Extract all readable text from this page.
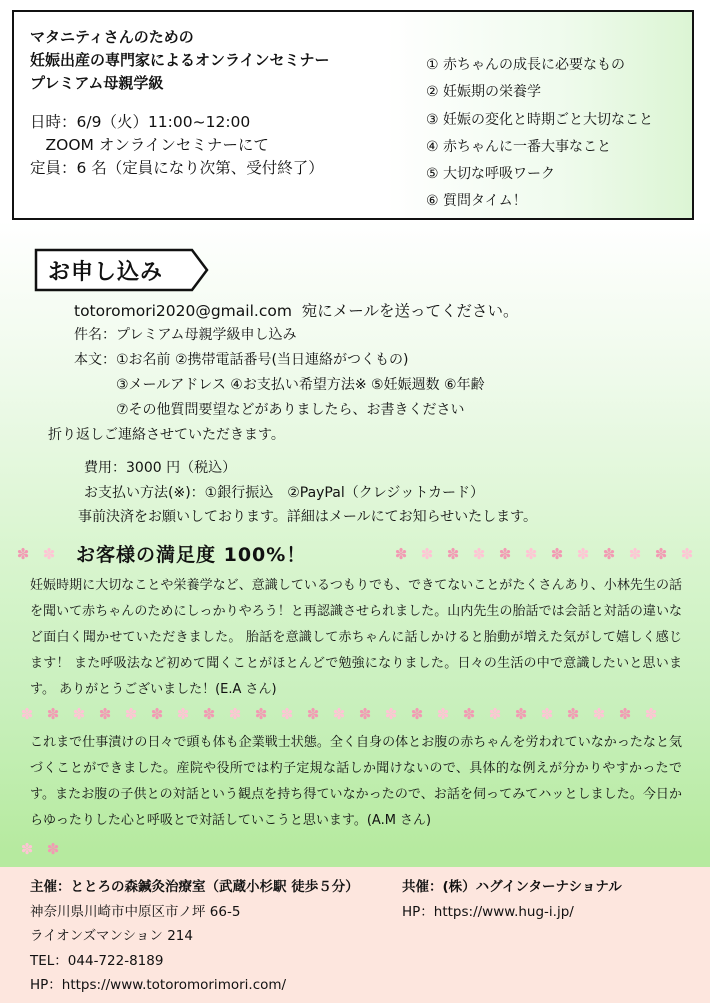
マタニティさんのための
妊娠出産の専門家によるオンラインセミナー
プレミアム母親学級
日時：6/9（火）11:00~12:00
　ZOOM オンラインセミナーにて
定員：6 名（定員になり次第、受付終了）
① 赤ちゃんの成長に必要なもの
② 妊娠期の栄養学
③ 妊娠の変化と時期ごと大切なこと
④ 赤ちゃんに一番大事なこと
⑤ 大切な呼吸ワーク
⑥ 質問タイム！
お申し込み
totoromori2020@gmail.com  宛にメールを送ってください。
件名：プレミアム母親学級申し込み
本文：①お名前 ②携帯電話番号(当日連絡がつくもの)
③メールアドレス ④お支払い希望方法※ ⑤妊娠週数 ⑥年齢
⑦その他質問要望などがありましたら、お書きください
折り返しご連絡させていただきます。
費用：3000 円（税込）
お支払い方法(※)：①銀行振込　②PayPal（クレジットカード）
事前決済をお願いしております。詳細はメールにてお知らせいたします。
✽ ✽	✽ ✽ ✽ ✽ ✽ ✽ ✽ ✽ ✽ ✽ ✽ ✽
お客様の満足度 100%！
妊娠時期に大切なことや栄養学など、意識しているつもりでも、できてないことがたくさんあり、小林先生の話を聞いて赤ちゃんのためにしっかりやろう！と再認識させられました。山内先生の胎話では会話と対話の違いなど面白く聞かせていただきました。 胎話を意識して赤ちゃんに話しかけると胎動が増えた気がして嬉しく感じます！ また呼吸法など初めて聞くことがほとんどで勉強になりました。日々の生活の中で意識したいと思います。 ありがとうございました！(E.A さん)
✽ ✽ ✽ ✽ ✽ ✽ ✽ ✽ ✽ ✽ ✽ ✽ ✽ ✽ ✽ ✽ ✽ ✽ ✽ ✽ ✽ ✽ ✽ ✽ ✽
これまで仕事漬けの日々で頭も体も企業戦士状態。全く自身の体とお腹の赤ちゃんを労われていなかったなと気づくことができました。産院や役所では杓子定規な話しか聞けないので、具体的な例えが分かりやすかったです。またお腹の子供との対話という観点を持ち得ていなかったので、お話を伺ってみてハッとしました。今日からゆったりした心と呼吸とで対話していこうと思います。(A.M さん)
✽ ✽
主催：ととろの森鍼灸治療室（武蔵小杉駅 徒歩５分）
神奈川県川崎市中原区市ノ坪 66-5
ライオンズマンション 214
TEL：044-722-8189
HP：https://www.totoromorimori.com/
共催：(株）ハグインターナショナル
HP：https://www.hug-i.jp/
